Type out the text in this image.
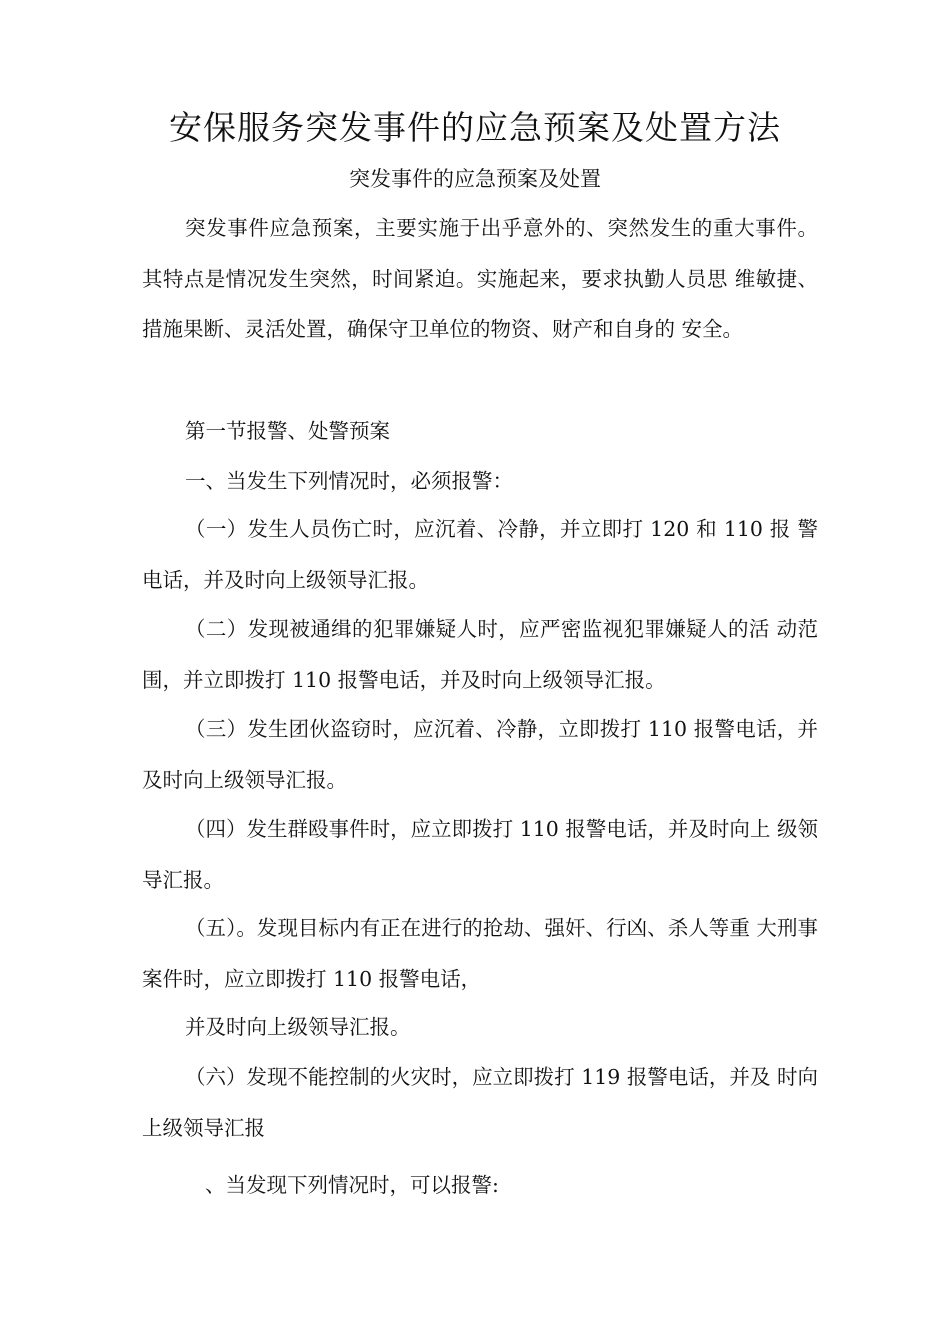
安保服务突发事件的应急预案及处置方法
突发事件的应急预案及处置

突发事件应急预案，主要实施于出乎意外的、突然发生的重大事件。其特点是情况发生突然，时间紧迫。实施起来，要求执勤人员思 维敏捷、措施果断、灵活处置，确保守卫单位的物资、财产和自身的 安全。

第一节报警、处警预案

一、当发生下列情况时，必须报警：

（一）发生人员伤亡时，应沉着、冷静，并立即打 120 和 110 报 警电话，并及时向上级领导汇报。

（二）发现被通缉的犯罪嫌疑人时，应严密监视犯罪嫌疑人的活 动范围，并立即拨打 110 报警电话，并及时向上级领导汇报。

（三）发生团伙盗窃时，应沉着、冷静，立即拨打 110 报警电话，并及时向上级领导汇报。

（四）发生群殴事件时，应立即拨打 110 报警电话，并及时向上 级领导汇报。

（五）。发现目标内有正在进行的抢劫、强奸、行凶、杀人等重 大刑事案件时，应立即拨打 110 报警电话，

并及时向上级领导汇报。

（六）发现不能控制的火灾时，应立即拨打 119 报警电话，并及 时向上级领导汇报

、当发现下列情况时，可以报警:
